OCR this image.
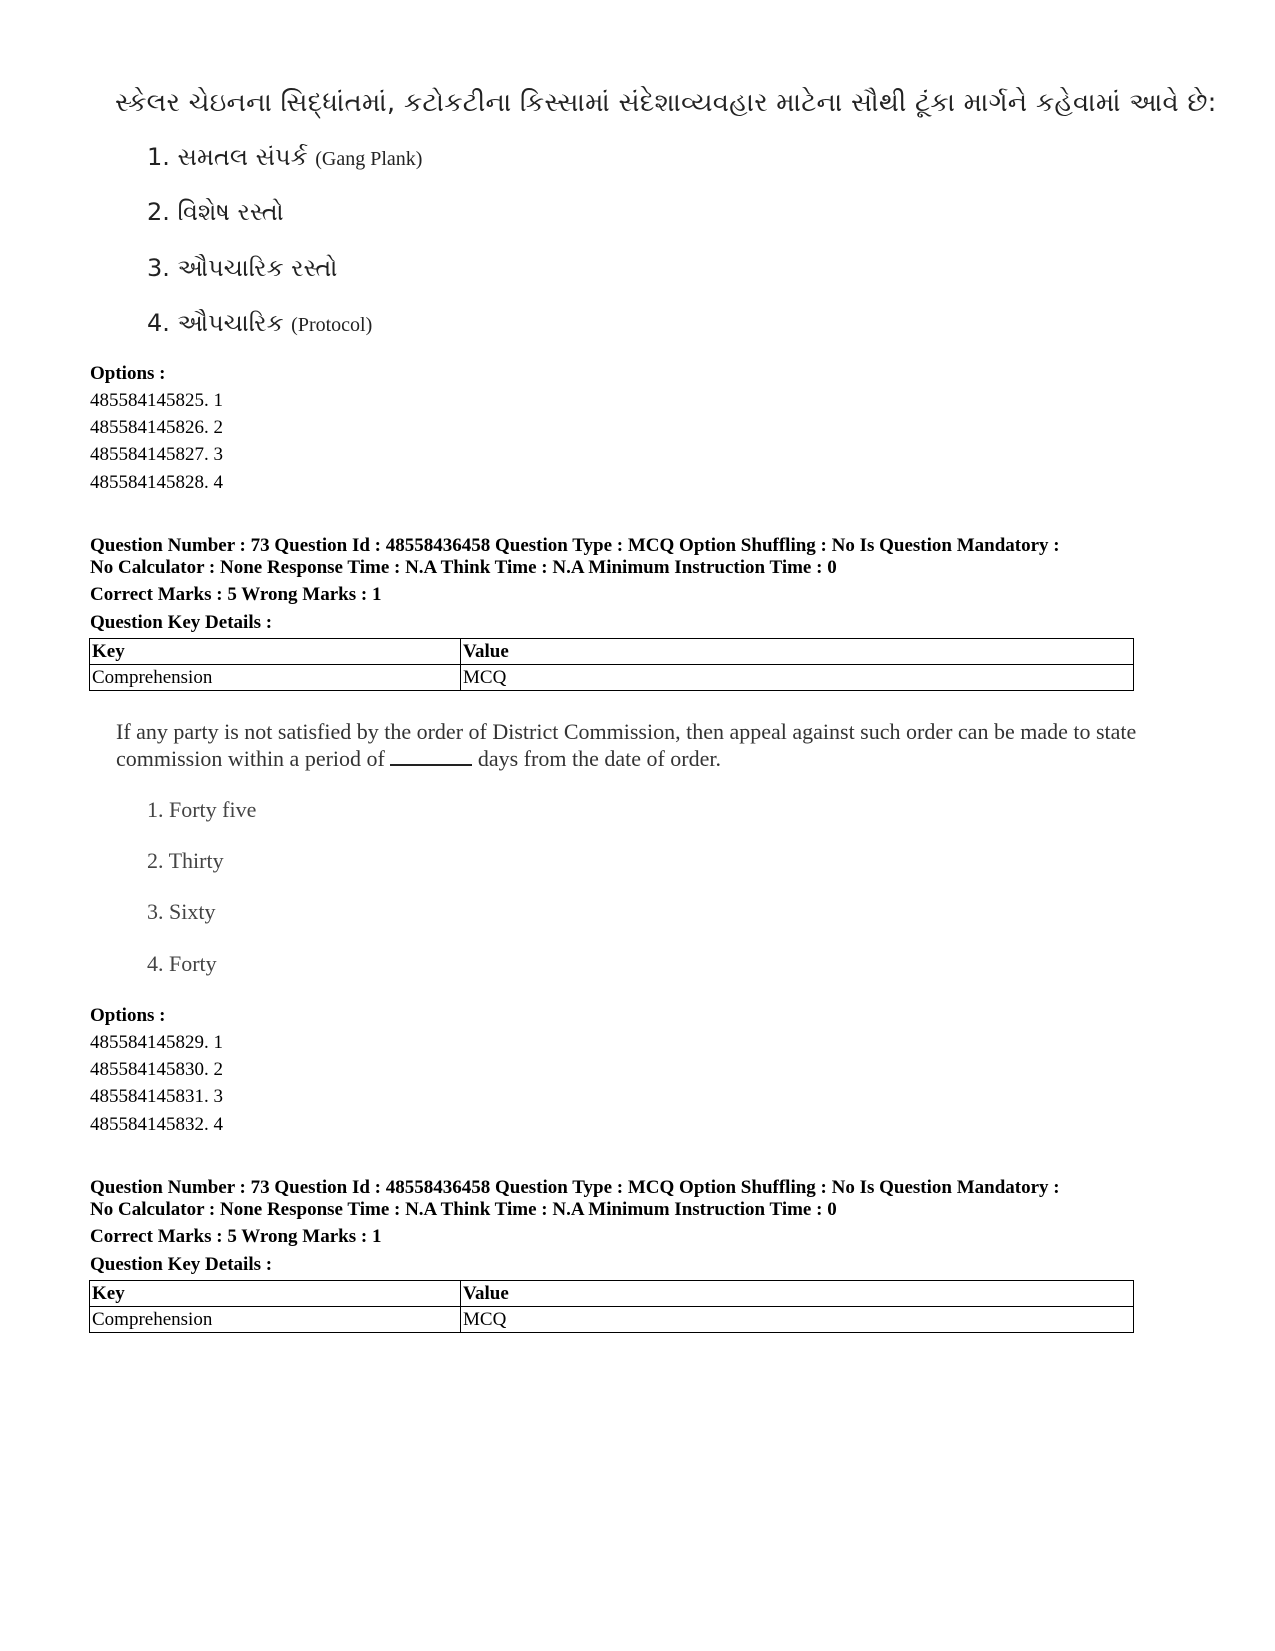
સ્કેલર ચેઇનના સિદ્ધાંતમાં, કટોકટીના કિસ્સામાં સંદેશાવ્યવહાર માટેના સૌથી ટૂંકા માર્ગને કહેવામાં આવે છે:
1. સમતલ સંપર્ક (Gang Plank)
2. વિશેષ રસ્તો
3. ઔપચારિક રસ્તો
4. ઔપચારિક (Protocol)
Options :
485584145825. 1
485584145826. 2
485584145827. 3
485584145828. 4
Question Number : 73 Question Id : 48558436458 Question Type : MCQ Option Shuffling : No Is Question Mandatory :
No Calculator : None Response Time : N.A Think Time : N.A Minimum Instruction Time : 0
Correct Marks : 5 Wrong Marks : 1
Question Key Details :
Key	Value
Comprehension	MCQ
If any party is not satisfied by the order of District Commission, then appeal against such order can be made to state commission within a period of	days from the date of order.
1. Forty five
2. Thirty
3. Sixty
4. Forty
Options :
485584145829. 1
485584145830. 2
485584145831. 3
485584145832. 4
Question Number : 73 Question Id : 48558436458 Question Type : MCQ Option Shuffling : No Is Question Mandatory :
No Calculator : None Response Time : N.A Think Time : N.A Minimum Instruction Time : 0
Correct Marks : 5 Wrong Marks : 1
Question Key Details :
Key	Value
Comprehension	MCQ
